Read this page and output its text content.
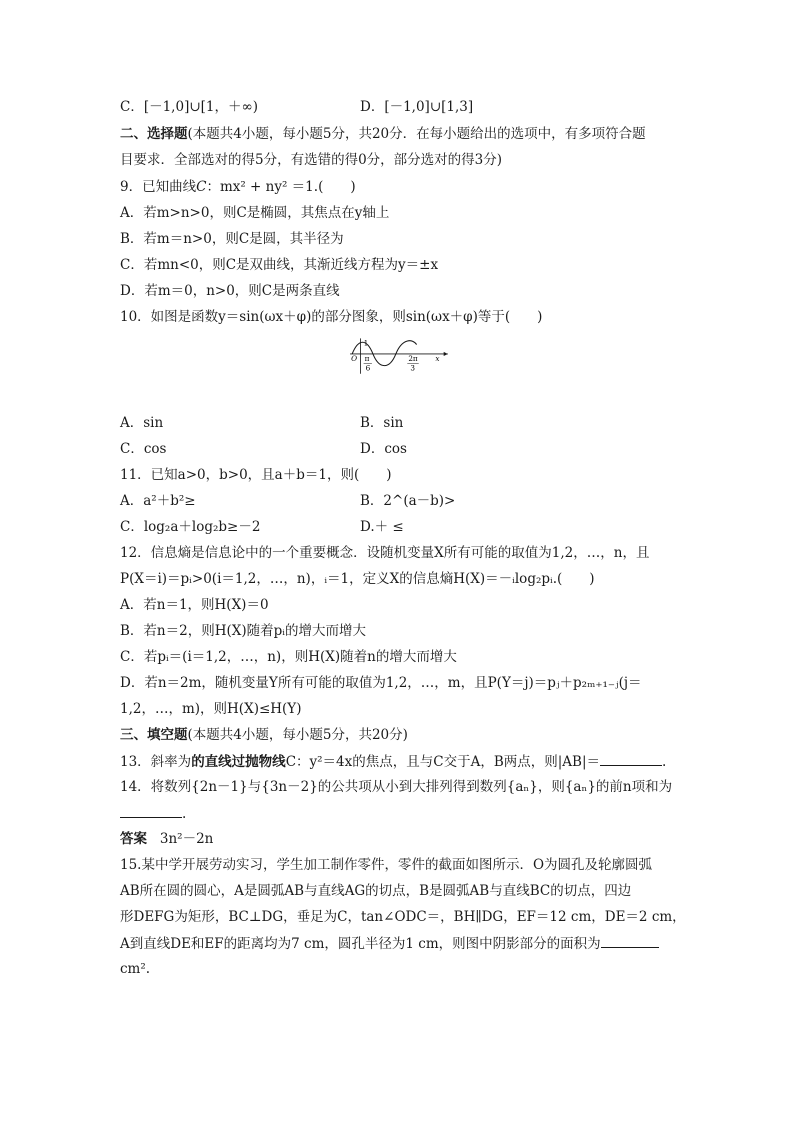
C．[－1,0]∪[1，＋∞)	D．[－1,0]∪[1,3]
二、选择题(本题共4小题，每小题5分，共20分．在每小题给出的选项中，有多项符合题
目要求．全部选对的得5分，有选错的得0分，部分选对的得3分)
9．已知曲线C：mx² + ny² ＝1.(　　)
A．若m>n>0，则C是椭圆，其焦点在y轴上
B．若m＝n>0，则C是圆，其半径为
C．若mn<0，则C是双曲线，其渐近线方程为y＝±x
D．若m＝0，n>0，则C是两条直线
10．如图是函数y＝sin(ωx＋φ)的部分图象，则sin(ωx＋φ)等于(　　)
1
O π
6
2π
3
x
A．sin	B．sin
C．cos	D．cos
11．已知a>0，b>0，且a＋b＝1，则(　　)
A．a²＋b²≥	B．2^(a－b)>
C．log₂a＋log₂b≥－2	D.＋ ≤
12．信息熵是信息论中的一个重要概念．设随机变量X所有可能的取值为1,2，…，n，且
P(X＝i)＝pᵢ>0(i＝1,2，…，n)，ᵢ＝1，定义X的信息熵H(X)＝－ᵢlog₂pᵢ.(　　)
A．若n＝1，则H(X)＝0
B．若n＝2，则H(X)随着pᵢ的增大而增大
C．若pᵢ＝(i＝1,2，…，n)，则H(X)随着n的增大而增大
D．若n＝2m，随机变量Y所有可能的取值为1,2，…，m，且P(Y＝j)＝pⱼ＋p₂ₘ₊₁₋ⱼ(j＝
1,2，…，m)，则H(X)≤H(Y)
三、填空题(本题共4小题，每小题5分，共20分)
13．斜率为的直线过抛物线C：y²＝4x的焦点，且与C交于A，B两点，则|AB|＝	.
14．将数列{2n－1}与{3n－2}的公共项从小到大排列得到数列{aₙ}，则{aₙ}的前n项和为
.
答案 3n²－2n
15.某中学开展劳动实习，学生加工制作零件，零件的截面如图所示．O为圆孔及轮廓圆弧
AB所在圆的圆心，A是圆弧AB与直线AG的切点，B是圆弧AB与直线BC的切点，四边
形DEFG为矩形，BC⊥DG，垂足为C，tan∠ODC＝，BH∥DG，EF＝12 cm，DE＝2 cm，
A到直线DE和EF的距离均为7 cm，圆孔半径为1 cm，则图中阴影部分的面积为
cm².
